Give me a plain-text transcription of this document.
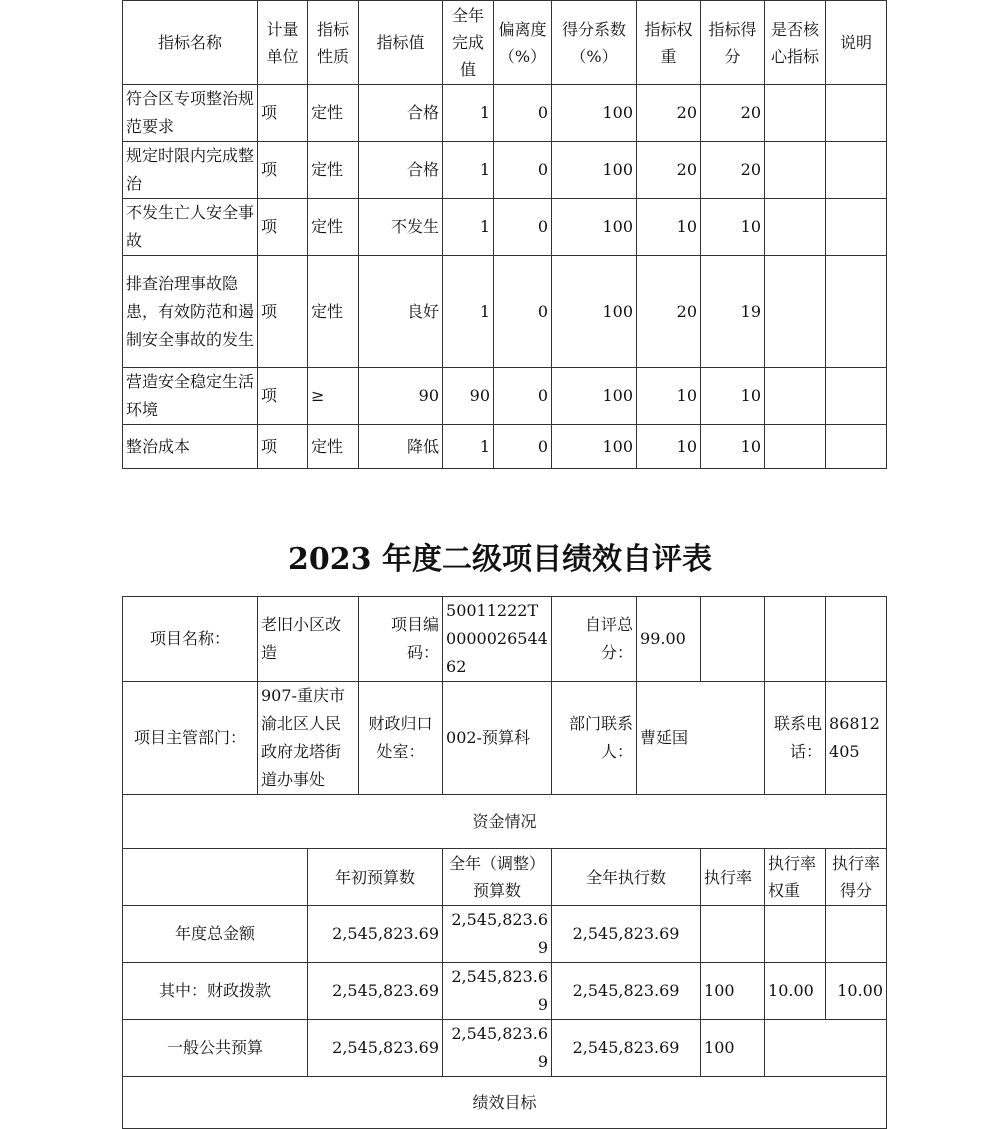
指标名称	计量单位	指标性质	指标值	全年完成值	偏离度（%）	得分系数（%）	指标权重	指标得分	是否核心指标	说明
符合区专项整治规范要求	项	定性	合格	1	0	100	20	20		
规定时限内完成整治	项	定性	合格	1	0	100	20	20		
不发生亡人安全事故	项	定性	不发生	1	0	100	10	10		
排查治理事故隐患，有效防范和遏制安全事故的发生	项	定性	良好	1	0	100	20	19		
营造安全稳定生活环境	项	≥	90	90	0	100	10	10		
整治成本	项	定性	降低	1	0	100	10	10		
2023 年度二级项目绩效自评表
项目名称：	老旧小区改造		项目编码：	50011222T000002654462	自评总分：	99.00			
项目主管部门：	907-重庆市渝北区人民政府龙塔街道办事处		财政归口处室：	002-预算科	部门联系人：	曹延国		联系电话：	86812405
资金情况									
		年初预算数		全年（调整）预算数	全年执行数		执行率	执行率权重	执行率得分
年度总金额		2,545,823.69		2,545,823.69	2,545,823.69				
其中：财政拨款		2,545,823.69		2,545,823.69	2,545,823.69		100	10.00	10.00
一般公共预算		2,545,823.69		2,545,823.69	2,545,823.69		100		
绩效目标									
